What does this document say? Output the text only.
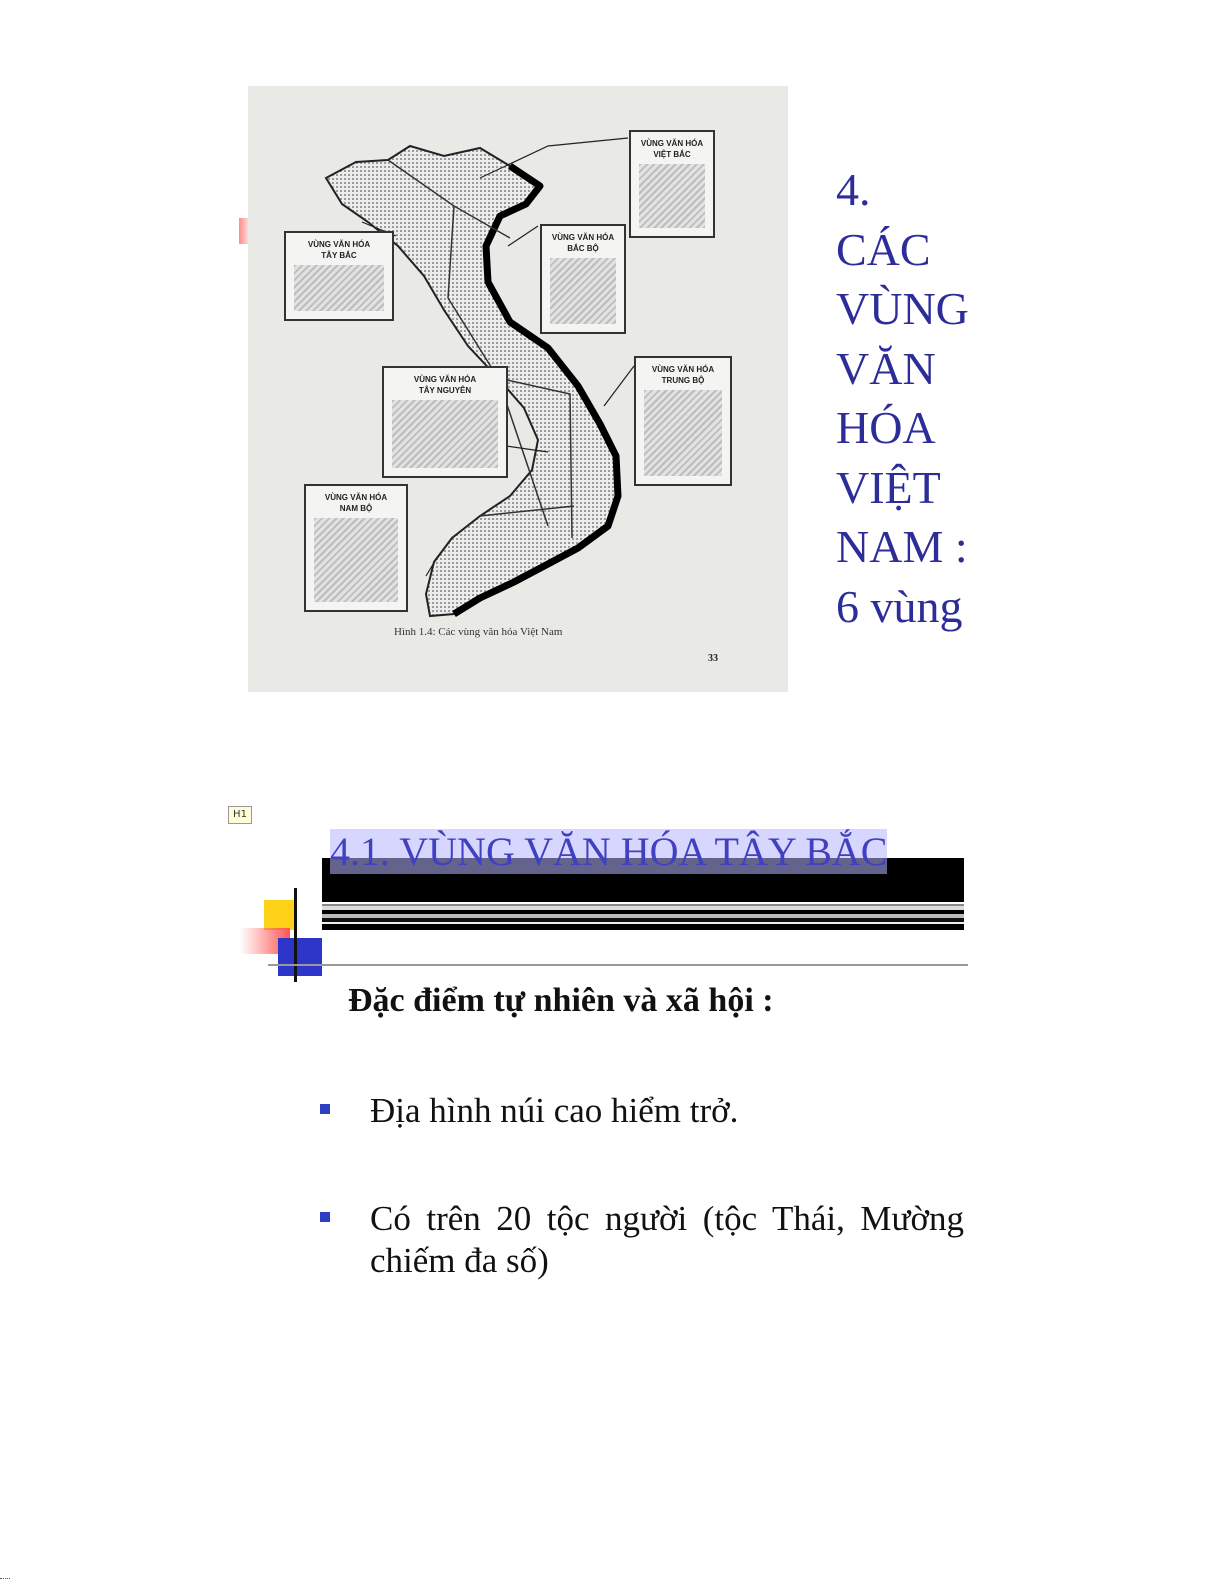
VÙNG VĂN HÓA
VIỆT BẮC
VÙNG VĂN HÓA
TÂY BẮC
VÙNG VĂN HÓA
BẮC BỘ
VÙNG VĂN HÓA
TRUNG BỘ
VÙNG VĂN HÓA
TÂY NGUYÊN
VÙNG VĂN HÓA
NAM BỘ
Hình 1.4: Các vùng văn hóa Việt Nam
33
4.
CÁC
VÙNG
VĂN
HÓA
VIỆT
NAM :
6 vùng
H1
4.1. VÙNG VĂN HÓA TÂY BẮC
Đặc điểm tự nhiên và xã hội :
Địa hình núi cao hiểm trở.
Có trên 20 tộc người (tộc Thái, Mường chiếm đa số)
